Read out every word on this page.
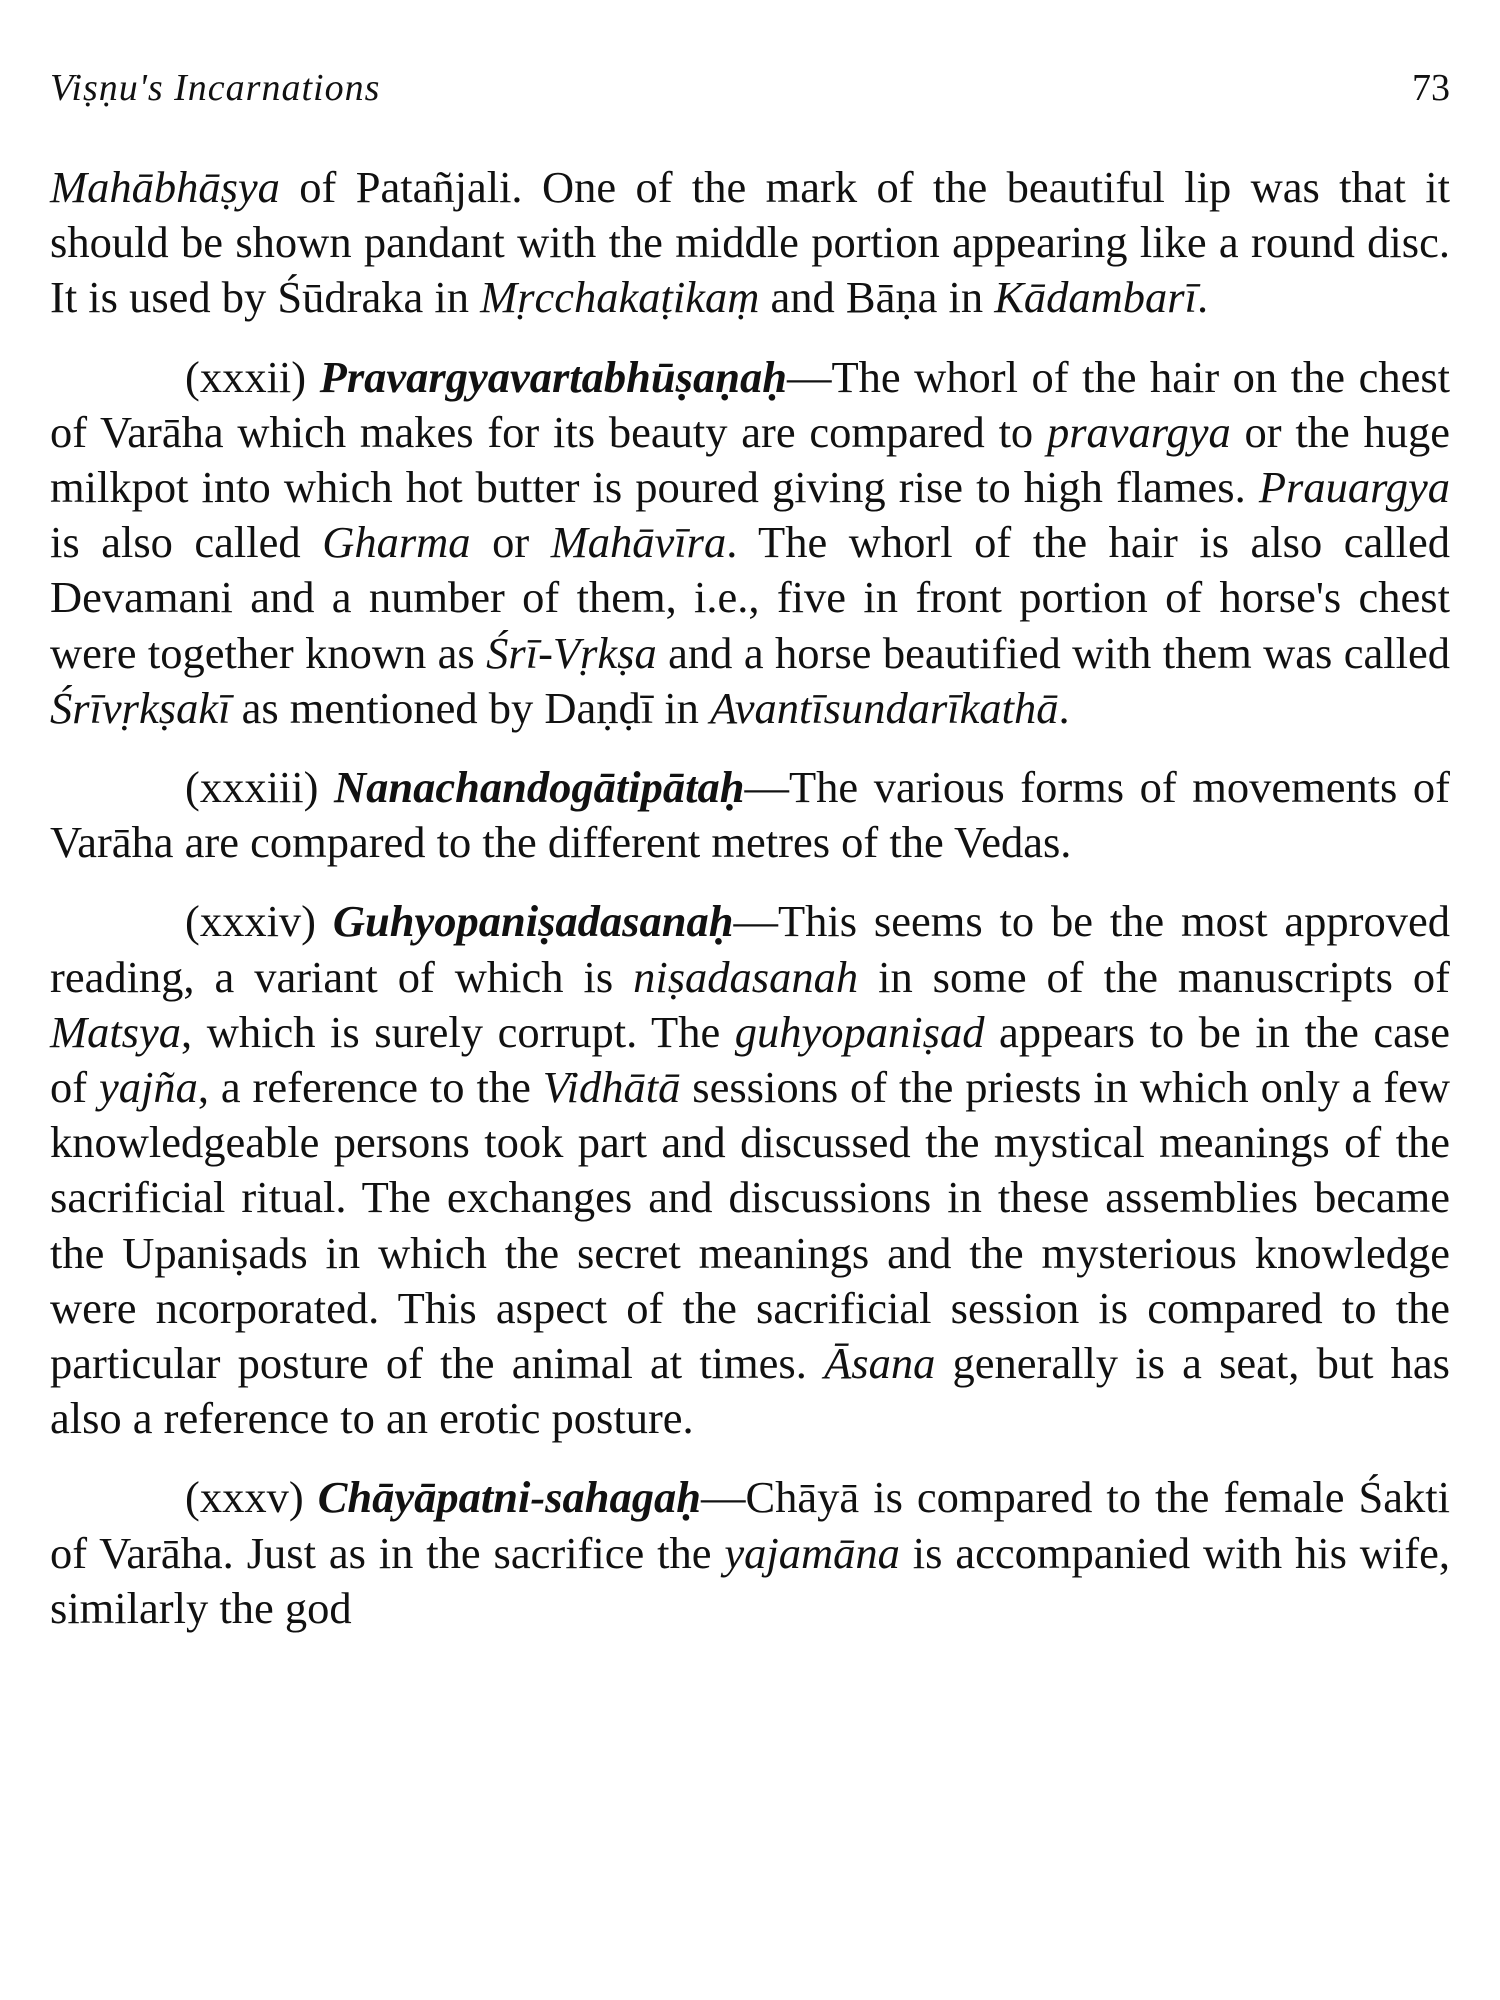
Viṣṇu's Incarnations	73

Mahābhāṣya of Patañjali. One of the mark of the beautiful lip was that it should be shown pandant with the middle portion appearing like a round disc. It is used by Śūdraka in Mṛcchakaṭikaṃ and Bāṇa in Kādambarī.

(xxxii) Pravargyavartabhūṣaṇaḥ—The whorl of the hair on the chest of Varāha which makes for its beauty are compared to pravargya or the huge milkpot into which hot butter is poured giving rise to high flames. Prauargya is also called Gharma or Mahāvīra. The whorl of the hair is also called Devamani and a number of them, i.e., five in front portion of horse's chest were together known as Śrī-Vṛkṣa and a horse beautified with them was called Śrīvṛkṣakī as mentioned by Daṇḍī in Avantīsundarīkathā.

(xxxiii) Nanachandogātipātaḥ—The various forms of movements of Varāha are compared to the different metres of the Vedas.

(xxxiv) Guhyopaniṣadasanaḥ—This seems to be the most approved reading, a variant of which is niṣadasanah in some of the manuscripts of Matsya, which is surely corrupt. The guhyopaniṣad appears to be in the case of yajña, a reference to the Vidhātā sessions of the priests in which only a few knowledgeable persons took part and discussed the mystical meanings of the sacrificial ritual. The exchanges and discussions in these assemblies became the Upaniṣads in which the secret meanings and the mysterious knowledge were ncorporated. This aspect of the sacrificial session is compared to the particular posture of the animal at times. Āsana generally is a seat, but has also a reference to an erotic posture.

(xxxv) Chāyāpatni-sahagaḥ—Chāyā is compared to the female Śakti of Varāha. Just as in the sacrifice the yajamāna is accompanied with his wife, similarly the god
